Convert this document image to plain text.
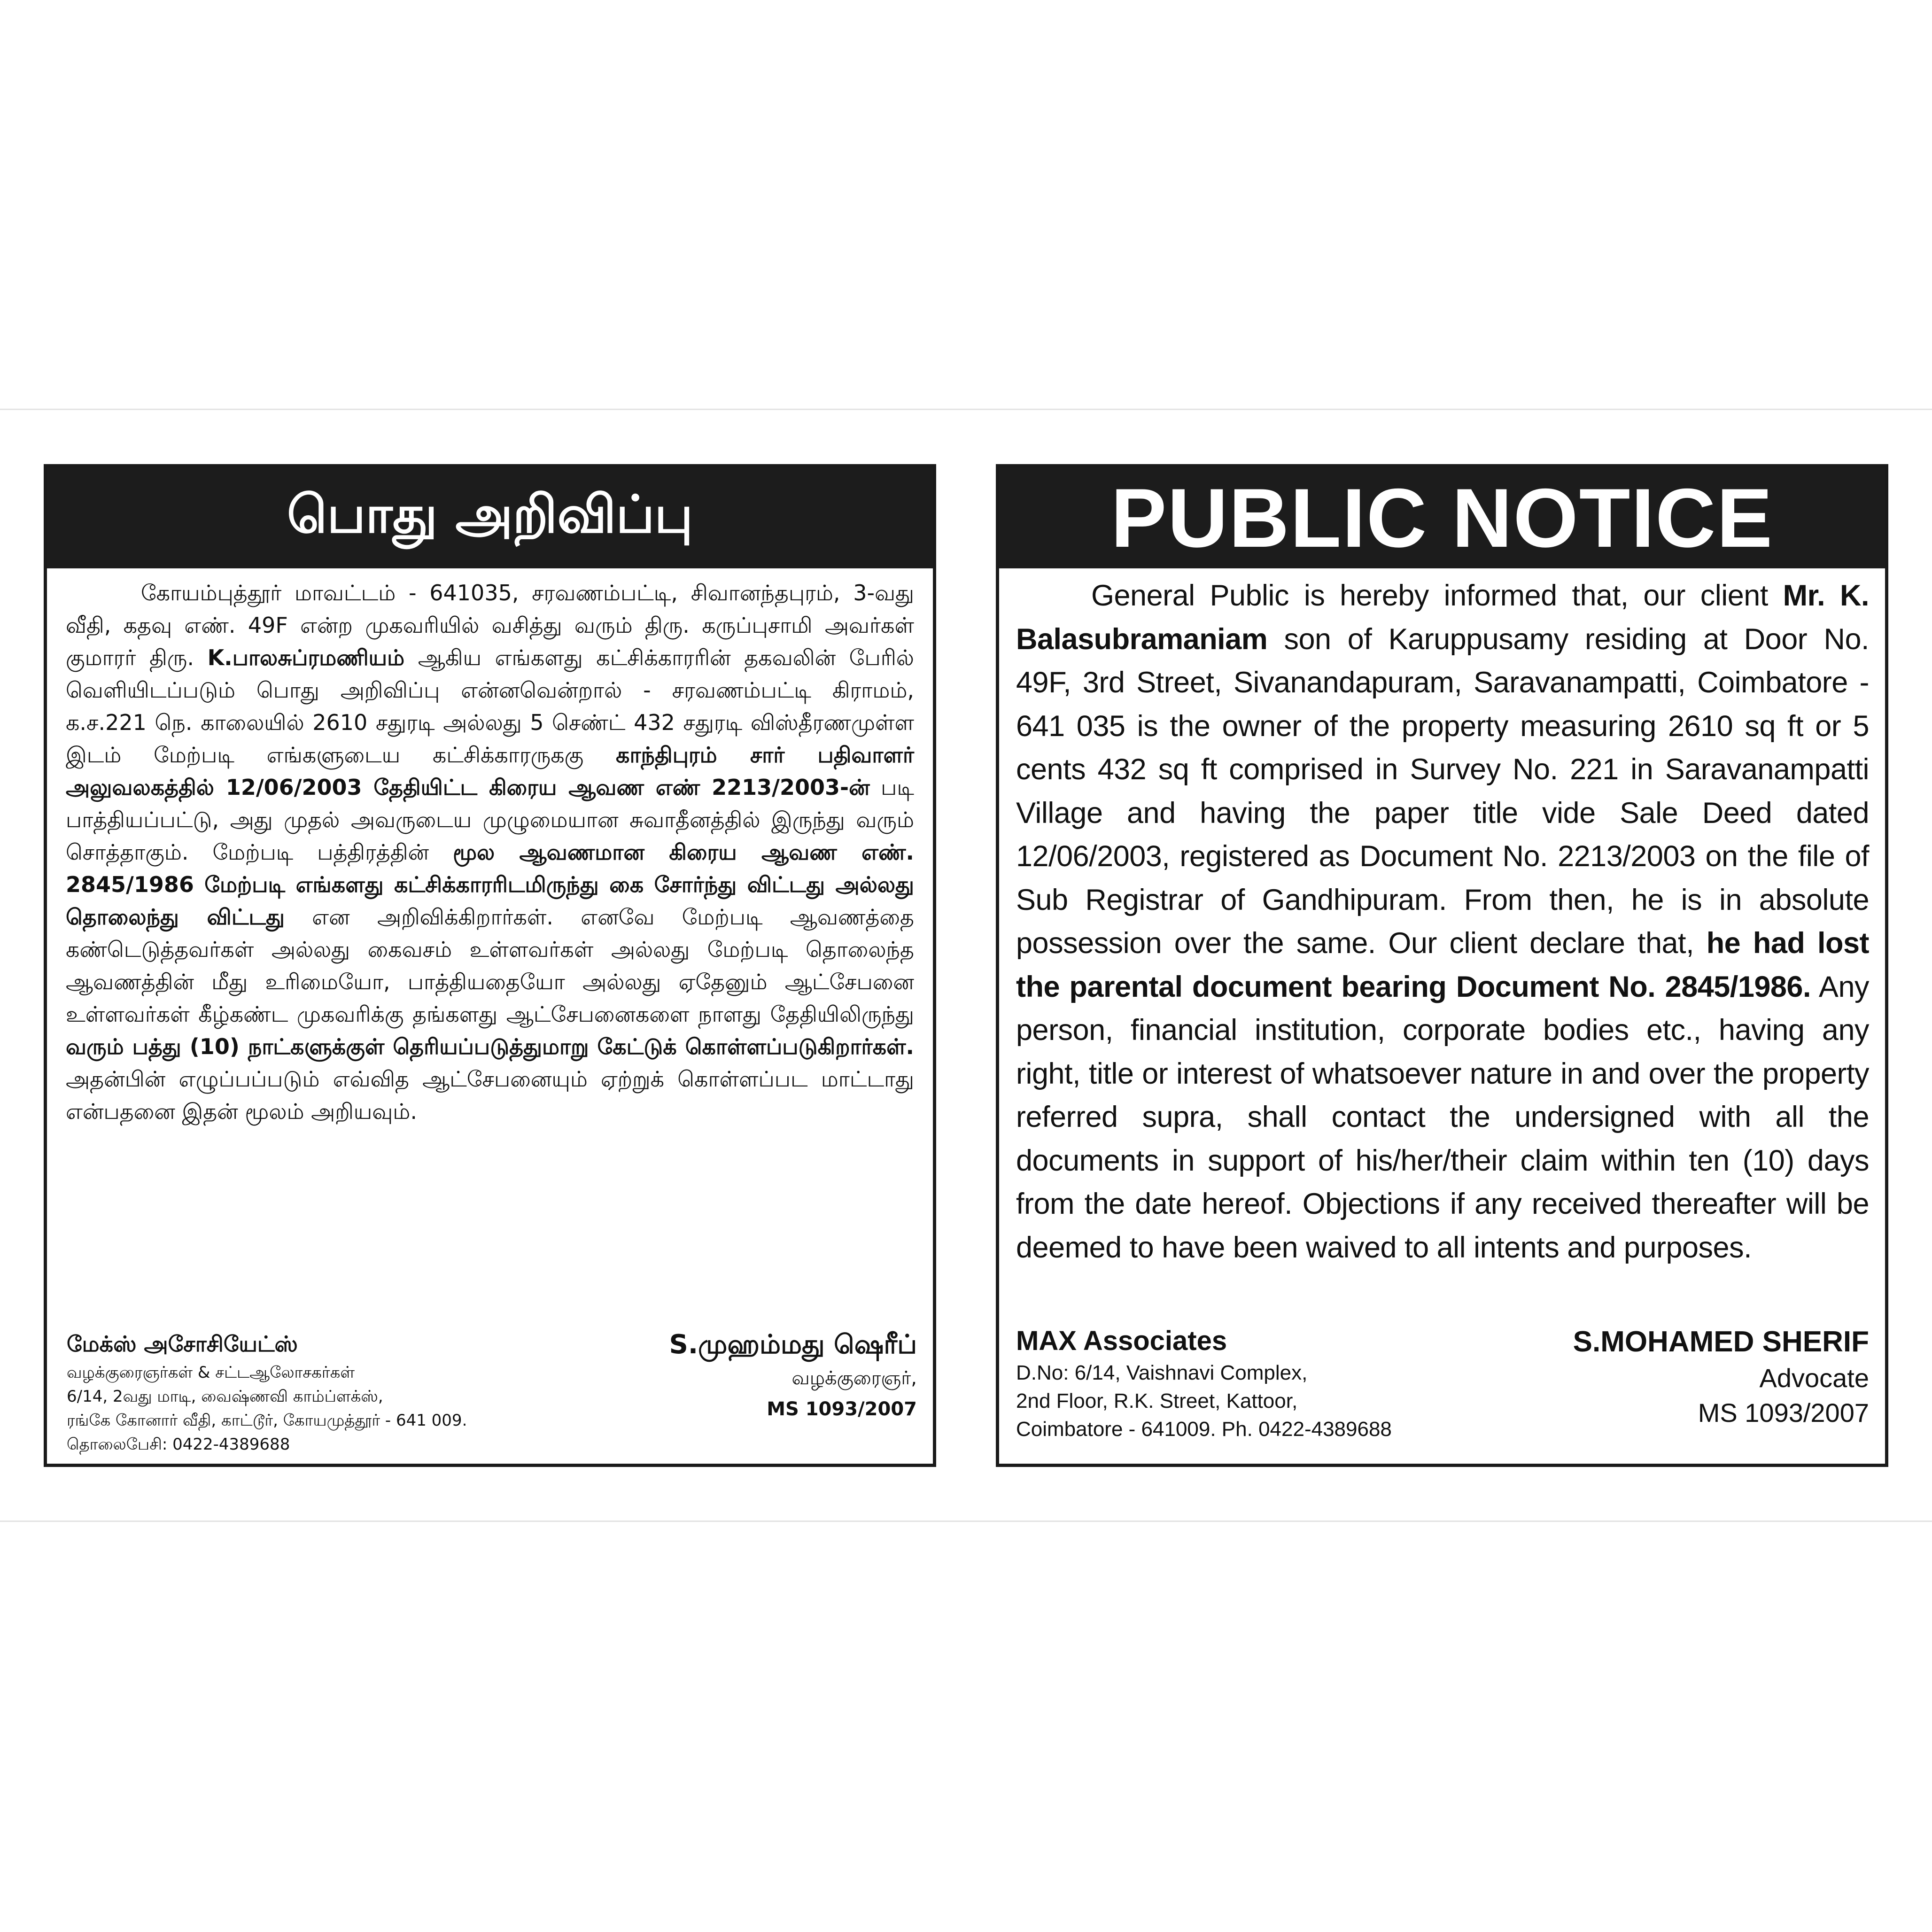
பொது அறிவிப்பு

கோயம்புத்தூர் மாவட்டம் - 641035, சரவணம்பட்டி, சிவானந்தபுரம், 3-வது வீதி, கதவு எண். 49F என்ற முகவரியில் வசித்து வரும் திரு. கருப்புசாமி அவர்கள் குமாரர் திரு. K.பாலசுப்ரமணியம் ஆகிய எங்களது கட்சிக்காரரின் தகவலின் பேரில் வெளியிடப்படும் பொது அறிவிப்பு என்னவென்றால் - சரவணம்பட்டி கிராமம், க.ச.221 நெ. காலையில் 2610 சதுரடி அல்லது 5 செண்ட் 432 சதுரடி விஸ்தீரணமுள்ள இடம் மேற்படி எங்களுடைய கட்சிக்காரருககு காந்திபுரம் சார் பதிவாளர் அலுவலகத்தில் 12/06/2003 தேதியிட்ட கிரைய ஆவண எண் 2213/2003-ன் படி பாத்தியப்பட்டு, அது முதல் அவருடைய முழுமையான சுவாதீனத்தில் இருந்து வரும் சொத்தாகும். மேற்படி பத்திரத்தின் மூல ஆவணமான கிரைய ஆவண எண். 2845/1986 மேற்படி எங்களது கட்சிக்காரரிடமிருந்து கை சோர்ந்து விட்டது அல்லது தொலைந்து விட்டது என அறிவிக்கிறார்கள். எனவே மேற்படி ஆவணத்தை கண்டெடுத்தவர்கள் அல்லது கைவசம் உள்ளவர்கள் அல்லது மேற்படி தொலைந்த ஆவணத்தின் மீது உரிமையோ, பாத்தியதையோ அல்லது ஏதேனும் ஆட்சேபனை உள்ளவர்கள் கீழ்கண்ட முகவரிக்கு தங்களது ஆட்சேபனைகளை நாளது தேதியிலிருந்து வரும் பத்து (10) நாட்களுக்குள் தெரியப்படுத்துமாறு கேட்டுக் கொள்ளப்படுகிறார்கள். அதன்பின் எழுப்பப்படும் எவ்வித ஆட்சேபனையும் ஏற்றுக் கொள்ளப்பட மாட்டாது என்பதனை இதன் மூலம் அறியவும்.

மேக்ஸ் அசோசியேட்ஸ்
வழக்குரைஞர்கள் & சட்டஆலோசகர்கள்
6/14, 2வது மாடி, வைஷ்ணவி காம்ப்ளக்ஸ்,
ரங்கே கோனார் வீதி, காட்டூர், கோயமுத்தூர் - 641 009.
தொலைபேசி: 0422-4389688
S.முஹம்மது ஷெரீப்
வழக்குரைஞர்,
MS 1093/2007
PUBLIC NOTICE

General Public is hereby informed that, our client Mr. K. Balasubramaniam son of Karuppusamy residing at Door No. 49F, 3rd Street, Sivanandapuram, Saravanampatti, Coimbatore - 641 035 is the owner of the property measuring 2610 sq ft or 5 cents 432 sq ft comprised in Survey No. 221 in Saravanampatti Village and having the paper title vide Sale Deed dated 12/06/2003, registered as Document No. 2213/2003 on the file of Sub Registrar of Gandhipuram. From then, he is in absolute possession over the same. Our client declare that, he had lost the parental document bearing Document No. 2845/1986. Any person, financial institution, corporate bodies etc., having any right, title or interest of whatsoever nature in and over the property referred supra, shall contact the undersigned with all the documents in support of his/her/their claim within ten (10) days from the date hereof. Objections if any received thereafter will be deemed to have been waived to all intents and purposes.

MAX Associates
D.No: 6/14, Vaishnavi Complex,
2nd Floor, R.K. Street, Kattoor,
Coimbatore - 641009. Ph. 0422-4389688
S.MOHAMED SHERIF
Advocate
MS 1093/2007
